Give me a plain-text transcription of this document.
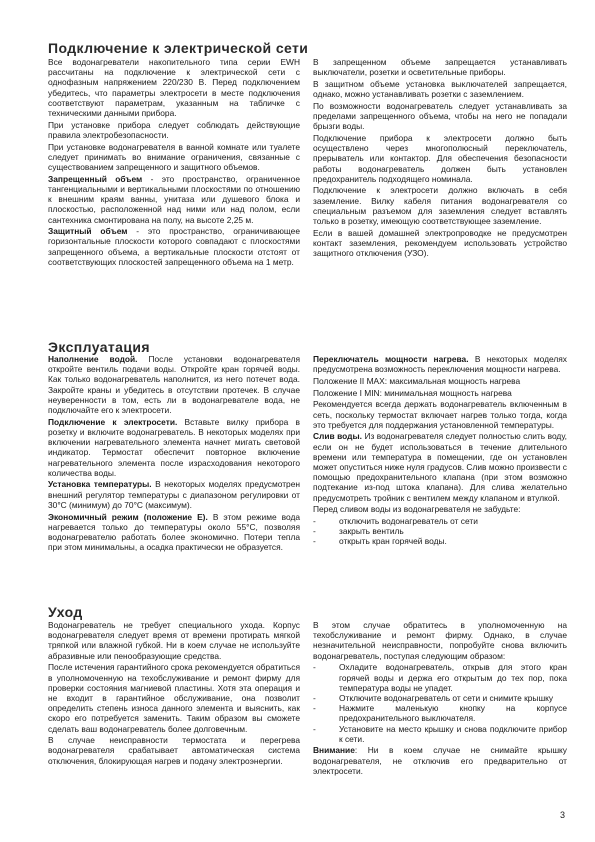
Подключение к электрической сети

Все водонагреватели накопительного типа серии EWH рассчитаны на подключение к электрической сети с однофазным напряжением 220/230 В. Перед подключением убедитесь, что параметры электросети в месте подключения соответствуют параметрам, указанным на табличке с техническими данными прибора.

При установке прибора следует соблюдать действующие правила электробезопасности.

При установке водонагревателя в ванной комнате или туалете следует принимать во внимание ограничения, связанные с существованием запрещенного и защитного объемов.

Запрещенный объем - это пространство, ограниченное тангенциальными и вертикальными плоскостями по отношению к внешним краям ванны, унитаза или душевого блока и плоскостью, расположенной над ними или над полом, если сантехника смонтирована на полу, на высоте 2,25 м.

Защитный объем - это пространство, ограничивающее горизонтальные плоскости которого совпадают с плоскостями запрещенного объема, а вертикальные плоскости отстоят от соответствующих плоскостей запрещенного объема на 1 метр.

В запрещенном объеме запрещается устанавливать выключатели, розетки и осветительные приборы.

В защитном объеме установка выключателей запрещается, однако, можно устанавливать розетки с заземлением.

По возможности водонагреватель следует устанавливать за пределами запрещенного объема, чтобы на него не попадали брызги воды.

Подключение прибора к электросети должно быть осуществлено через многополюсный переключатель, прерыватель или контактор. Для обеспечения безопасности работы водонагреватель должен быть установлен предохранитель подходящего номинала.

Подключение к электросети должно включать в себя заземление. Вилку кабеля питания водонагревателя со специальным разъемом для заземления следует вставлять только в розетку, имеющую соответствующее заземление.

Если в вашей домашней электропроводке не предусмотрен контакт заземления, рекомендуем использовать устройство защитного отключения (УЗО).

Эксплуатация

Наполнение водой. После установки водонагревателя откройте вентиль подачи воды. Откройте кран горячей воды. Как только водонагреватель наполнится, из него потечет вода. Закройте краны и убедитесь в отсутствии протечек. В случае неуверенности в том, есть ли в водонагревателе вода, не подключайте его к электросети.

Подключение к электросети. Вставьте вилку прибора в розетку и включите водонагреватель. В некоторых моделях при включении нагревательного элемента начнет мигать световой индикатор. Термостат обеспечит повторное включение нагревательного элемента после израсходования некоторого количества воды.

Установка температуры. В некоторых моделях предусмотрен внешний регулятор температуры с диапазоном регулировки от 30°C (минимум) до 70°C (максимум).

Экономичный режим (положение Е). В этом режиме вода нагревается только до температуры около 55°C, позволяя водонагревателю работать более экономично. Потери тепла при этом минимальны, а осадка практически не образуется.

Переключатель мощности нагрева. В некоторых моделях предусмотрена возможность переключения мощности нагрева.

Положение II MAX: максимальная мощность нагрева

Положение I MIN: минимальная мощность нагрева

Рекомендуется всегда держать водонагреватель включенным в сеть, поскольку термостат включает нагрев только тогда, когда это требуется для поддержания установленной температуры.

Слив воды. Из водонагревателя следует полностью слить воду, если он не будет использоваться в течение длительного времени или температура в помещении, где он установлен может опуститься ниже нуля градусов. Слив можно произвести с помощью предохранительного клапана (при этом возможно подтекание из-под штока клапана). Для слива желательно предусмотреть тройник с вентилем между клапаном и втулкой.

Перед сливом воды из водонагревателя не забудьте:

-	отключить водонагреватель от сети
-	закрыть вентиль
-	открыть кран горячей воды.
Уход

Водонагреватель не требует специального ухода. Корпус водонагревателя следует время от времени протирать мягкой тряпкой или влажной губкой. Ни в коем случае не используйте абразивные или пенообразующие средства.

После истечения гарантийного срока рекомендуется обратиться в уполномоченную на техобслуживание и ремонт фирму для проверки состояния магниевой пластины. Хотя эта операция и не входит в гарантийное обслуживание, она позволит определить степень износа данного элемента и выяснить, как скоро его потребуется заменить. Таким образом вы сможете сделать ваш водонагреватель более долговечным.

В случае неисправности термостата и перегрева водонагревателя срабатывает автоматическая система отключения, блокирующая нагрев и подачу электроэнергии.

В этом случае обратитесь в уполномоченную на техобслуживание и ремонт фирму. Однако, в случае незначительной неисправности, попробуйте снова включить водонагреватель, поступая следующим образом:

-	Охладите водонагреватель, открыв для этого кран горячей воды и держа его открытым до тех пор, пока температура воды не упадет.
-	Отключите водонагреватель от сети и снимите крышку
-	Нажмите маленькую кнопку на корпусе предохранительного выключателя.
-	Установите на место крышку и снова подключите прибор к сети.

Внимание: Ни в коем случае не снимайте крышку водонагревателя, не отключив его предварительно от электросети.

3
